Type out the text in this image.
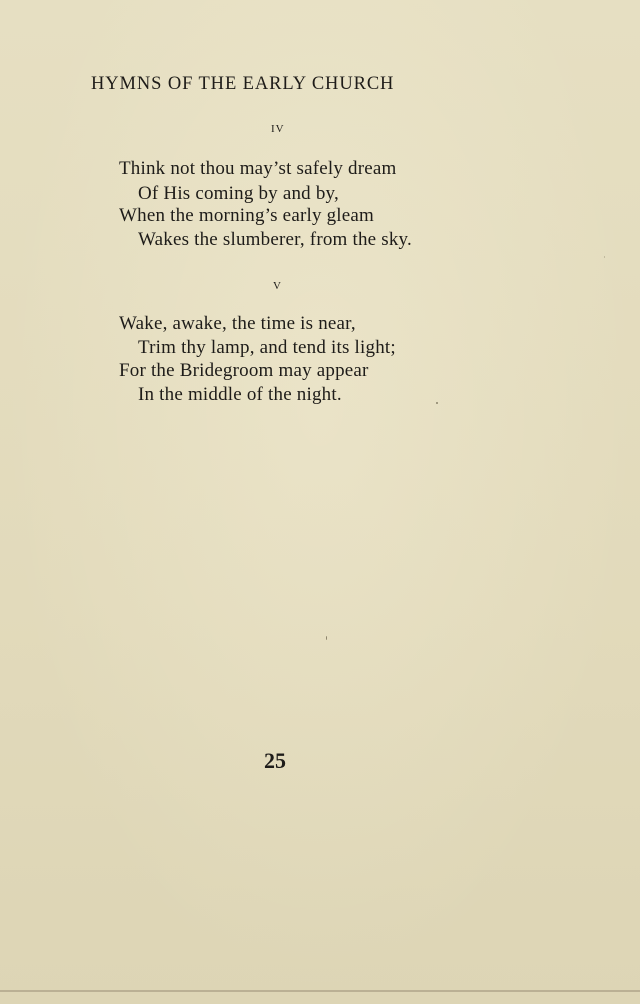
HYMNS OF THE EARLY CHURCH
iv
Think not thou may’st safely dream
Of His coming by and by,
When the morning’s early gleam
Wakes the slumberer, from the sky.
v
Wake, awake, the time is near,
Trim thy lamp, and tend its light;
For the Bridegroom may appear
In the middle of the night.
25
